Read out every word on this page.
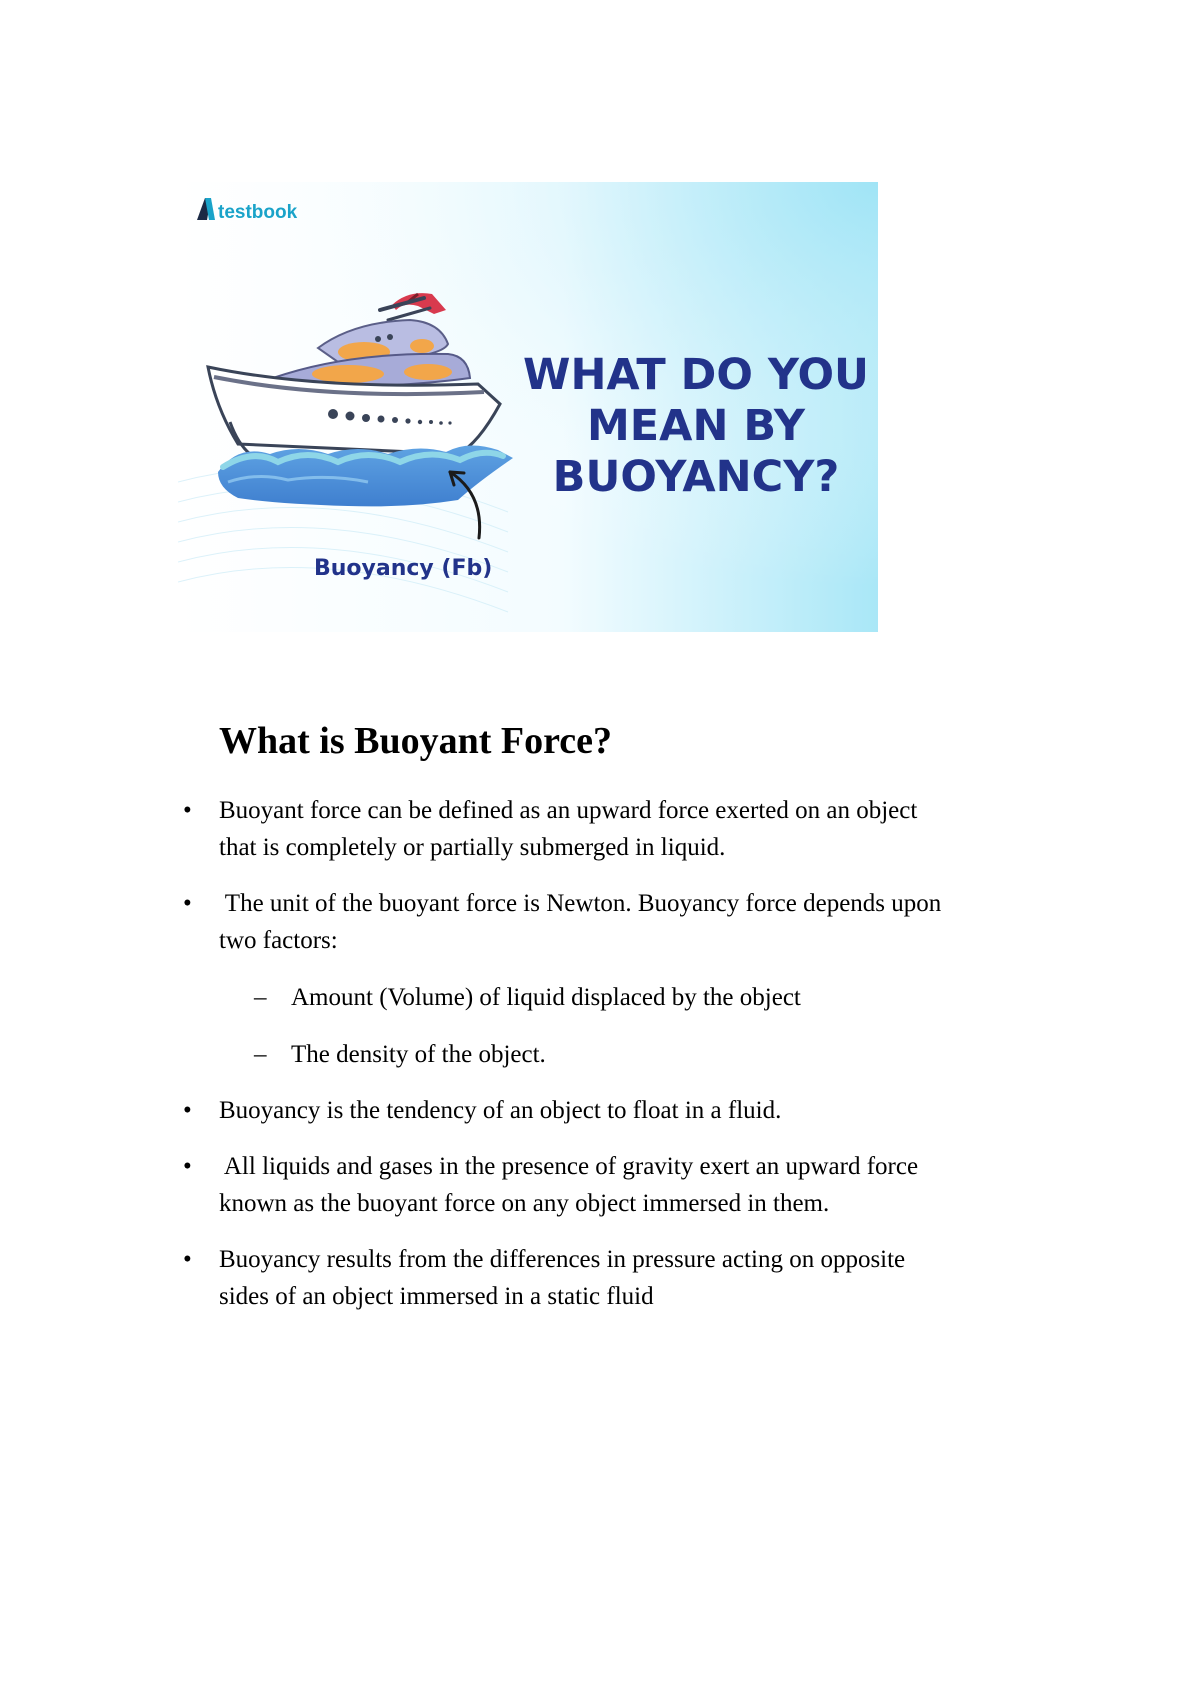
testbook
Buoyancy (Fb)
WHAT DO YOU
MEAN BY
BUOYANCY?
What is Buoyant Force?
• Buoyant force can be defined as an upward force exerted on an object
that is completely or partially submerged in liquid.
• The unit of the buoyant force is Newton. Buoyancy force depends upon
two factors:
– Amount (Volume) of liquid displaced by the object
– The density of the object.
• Buoyancy is the tendency of an object to float in a fluid.
• All liquids and gases in the presence of gravity exert an upward force
known as the buoyant force on any object immersed in them.
• Buoyancy results from the differences in pressure acting on opposite
sides of an object immersed in a static fluid
